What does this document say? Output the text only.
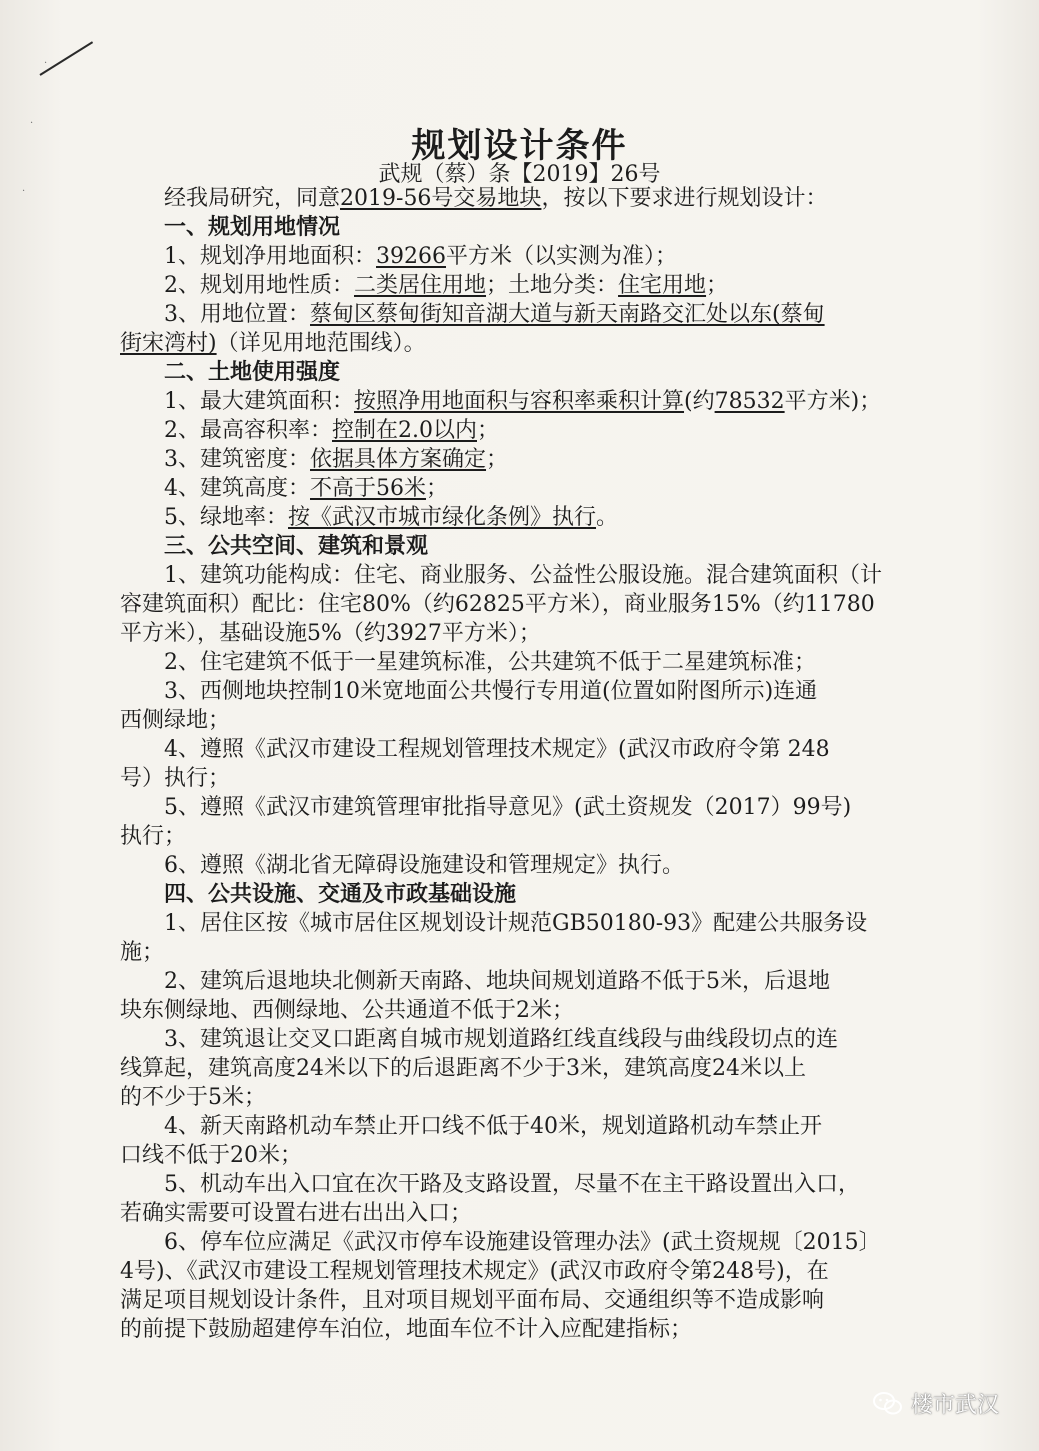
·
·
·
规划设计条件
武规（蔡）条【2019】26号
经我局研究，同意2019-56号交易地块，按以下要求进行规划设计：
一、规划用地情况
1、规划净用地面积：39266平方米（以实测为准）；
2、规划用地性质：二类居住用地；土地分类：住宅用地；
3、用地位置：蔡甸区蔡甸街知音湖大道与新天南路交汇处以东(蔡甸
街宋湾村)（详见用地范围线）。
二、土地使用强度
1、最大建筑面积：按照净用地面积与容积率乘积计算(约78532平方米)；
2、最高容积率：控制在2.0以内；
3、建筑密度：依据具体方案确定；
4、建筑高度：不高于56米；
5、绿地率：按《武汉市城市绿化条例》执行。
三、公共空间、建筑和景观
1、建筑功能构成：住宅、商业服务、公益性公服设施。混合建筑面积（计
容建筑面积）配比：住宅80%（约62825平方米），商业服务15%（约11780
平方米），基础设施5%（约3927平方米）；
2、住宅建筑不低于一星建筑标准，公共建筑不低于二星建筑标准；
3、西侧地块控制10米宽地面公共慢行专用道(位置如附图所示)连通
西侧绿地；
4、遵照《武汉市建设工程规划管理技术规定》(武汉市政府令第 248
号）执行；
5、遵照《武汉市建筑管理审批指导意见》(武土资规发（2017）99号)
执行；
6、遵照《湖北省无障碍设施建设和管理规定》执行。
四、公共设施、交通及市政基础设施
1、居住区按《城市居住区规划设计规范GB50180-93》配建公共服务设
施；
2、建筑后退地块北侧新天南路、地块间规划道路不低于5米，后退地
块东侧绿地、西侧绿地、公共通道不低于2米；
3、建筑退让交叉口距离自城市规划道路红线直线段与曲线段切点的连
线算起，建筑高度24米以下的后退距离不少于3米，建筑高度24米以上
的不少于5米；
4、新天南路机动车禁止开口线不低于40米，规划道路机动车禁止开
口线不低于20米；
5、机动车出入口宜在次干路及支路设置，尽量不在主干路设置出入口，
若确实需要可设置右进右出出入口；
6、停车位应满足《武汉市停车设施建设管理办法》(武土资规规〔2015〕
4号)、《武汉市建设工程规划管理技术规定》(武汉市政府令第248号)，在
满足项目规划设计条件，且对项目规划平面布局、交通组织等不造成影响
的前提下鼓励超建停车泊位，地面车位不计入应配建指标；
楼市武汉
